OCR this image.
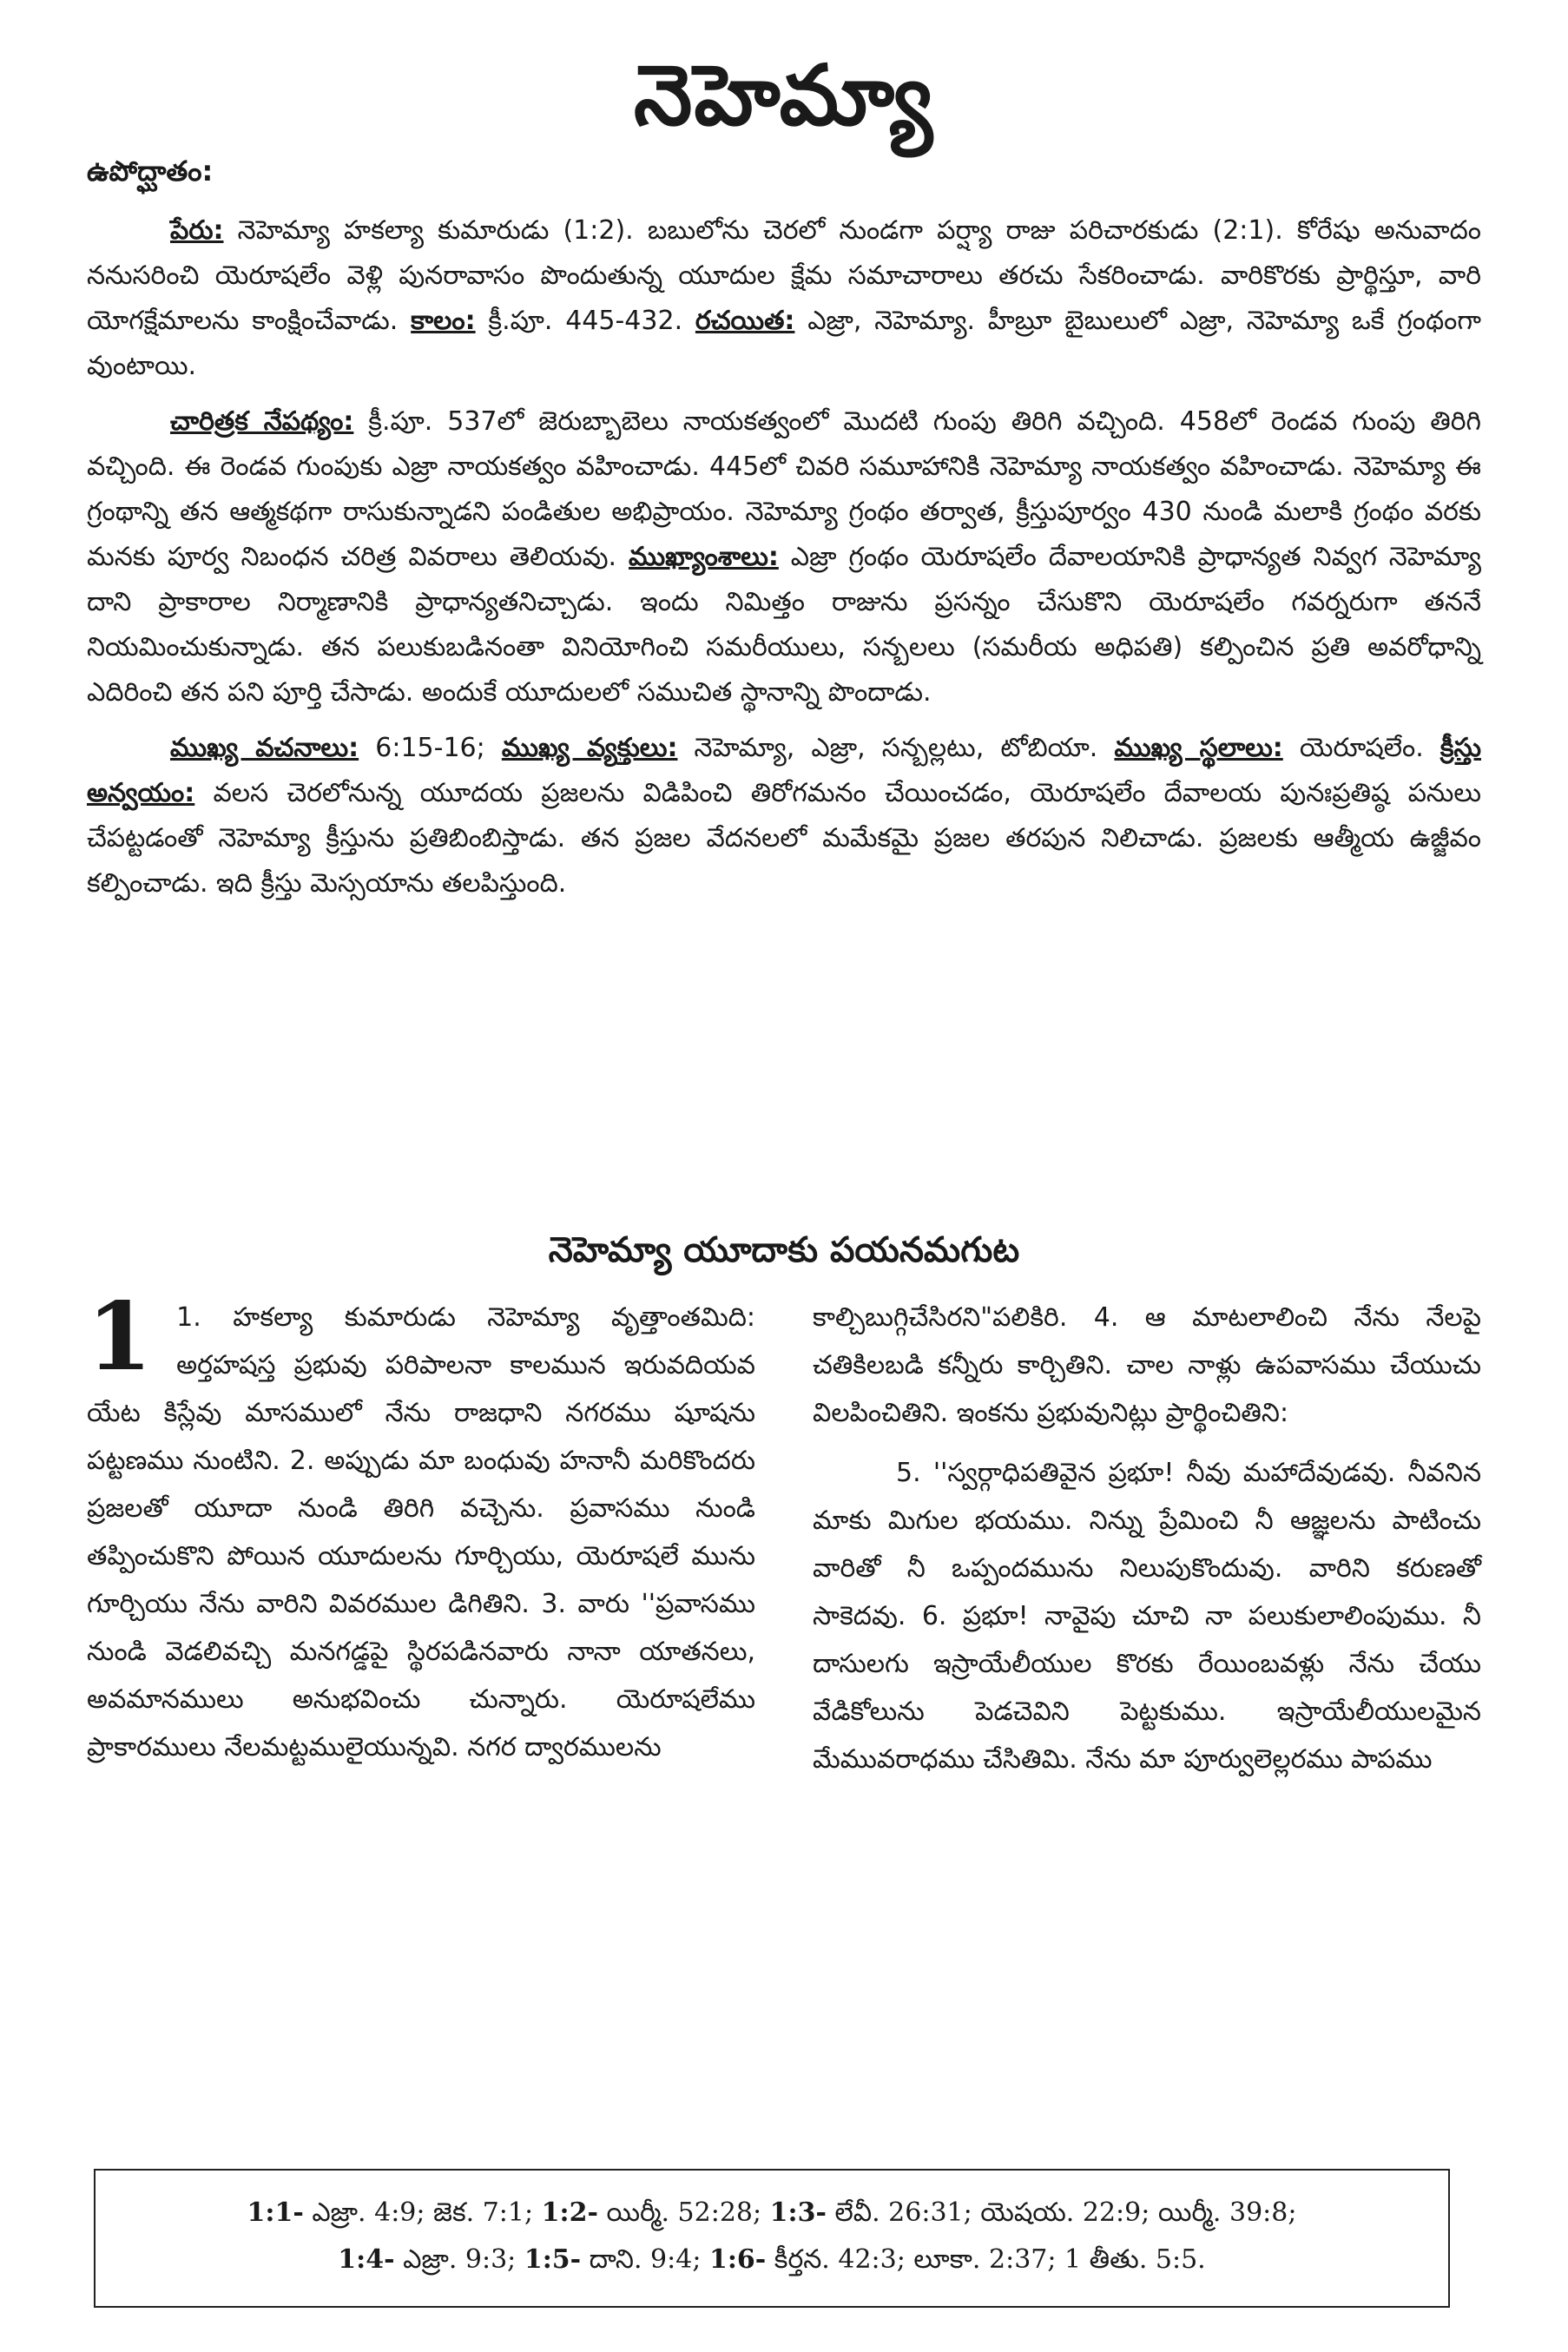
నెహెమ్యా
ఉపోద్ఘాతం:

పేరు: నెహెమ్యా హకల్యా కుమారుడు (1:2). బబులోను చెరలో నుండగా పర్ష్యా రాజు పరిచారకుడు (2:1). కోరేషు అనువాదం ననుసరించి యెరూషలేం వెళ్లి పునరావాసం పొందుతున్న యూదుల క్షేమ సమాచారాలు తరచు సేకరించాడు. వారికొరకు ప్రార్థిస్తూ, వారి యోగక్షేమాలను కాంక్షించేవాడు. కాలం: క్రీ.పూ. 445-432. రచయిత: ఎజ్రా, నెహెమ్యా. హీబ్రూ బైబులులో ఎజ్రా, నెహెమ్యా ఒకే గ్రంథంగా వుంటాయి.

చారిత్రక నేపథ్యం: క్రీ.పూ. 537లో జెరుబ్బాబెలు నాయకత్వంలో మొదటి గుంపు తిరిగి వచ్చింది. 458లో రెండవ గుంపు తిరిగి వచ్చింది. ఈ రెండవ గుంపుకు ఎజ్రా నాయకత్వం వహించాడు. 445లో చివరి సమూహానికి నెహెమ్యా నాయకత్వం వహించాడు. నెహెమ్యా ఈ గ్రంథాన్ని తన ఆత్మకథగా రాసుకున్నాడని పండితుల అభిప్రాయం. నెహెమ్యా గ్రంథం తర్వాత, క్రీస్తుపూర్వం 430 నుండి మలాకి గ్రంథం వరకు మనకు పూర్వ నిబంధన చరిత్ర వివరాలు తెలియవు. ముఖ్యాంశాలు: ఎజ్రా గ్రంథం యెరూషలేం దేవాలయానికి ప్రాధాన్యత నివ్వగ నెహెమ్యా దాని ప్రాకారాల నిర్మాణానికి ప్రాధాన్యతనిచ్చాడు. ఇందు నిమిత్తం రాజును ప్రసన్నం చేసుకొని యెరూషలేం గవర్నరుగా తననే నియమించుకున్నాడు. తన పలుకుబడినంతా వినియోగించి సమరీయులు, సన్బలలు (సమరీయ అధిపతి) కల్పించిన ప్రతి అవరోధాన్ని ఎదిరించి తన పని పూర్తి చేసాడు. అందుకే యూదులలో సముచిత స్థానాన్ని పొందాడు.

ముఖ్య వచనాలు: 6:15-16; ముఖ్య వ్యక్తులు: నెహెమ్యా, ఎజ్రా, సన్బల్లటు, టోబియా. ముఖ్య స్థలాలు: యెరూషలేం. క్రీస్తు అన్వయం: వలస చెరలోనున్న యూదయ ప్రజలను విడిపించి తిరోగమనం చేయించడం, యెరూషలేం దేవాలయ పునఃప్రతిష్ఠ పనులు చేపట్టడంతో నెహెమ్యా క్రీస్తును ప్రతిబింబిస్తాడు. తన ప్రజల వేదనలలో మమేకమై ప్రజల తరపున నిలిచాడు. ప్రజలకు ఆత్మీయ ఉజ్జీవం కల్పించాడు. ఇది క్రీస్తు మెస్సయాను తలపిస్తుంది.

నెహెమ్యా యూదాకు పయనమగుట

1 1. హకల్యా కుమారుడు నెహెమ్యా వృత్తాంతమిది: అర్తహషస్త ప్రభువు పరిపాలనా కాలమున ఇరువదియవ యేట కిస్లేవు మాసములో నేను రాజధాని నగరము షూషను పట్టణము నుంటిని. 2. అప్పుడు మా బంధువు హనానీ మరికొందరు ప్రజలతో యూదా నుండి తిరిగి వచ్చెను. ప్రవాసము నుండి తప్పించుకొని పోయిన యూదులను గూర్చియు, యెరూషలే మును గూర్చియు నేను వారిని వివరముల డిగితిని. 3. వారు ''ప్రవాసము నుండి వెడలివచ్చి మనగడ్డపై స్థిరపడినవారు నానా యాతనలు, అవమానములు అనుభవించు చున్నారు. యెరూషలేము ప్రాకారములు నేలమట్టములైయున్నవి. నగర ద్వారములను

కాల్చిబుగ్గిచేసిరని"పలికిరి. 4. ఆ మాటలాలించి నేను నేలపై చతికిలబడి కన్నీరు కార్చితిని. చాల నాళ్లు ఉపవాసము చేయుచు విలపించితిని. ఇంకను ప్రభువునిట్లు ప్రార్థించితిని:

5. ''స్వర్గాధిపతివైన ప్రభూ! నీవు మహాదేవుడవు. నీవనిన మాకు మిగుల భయము. నిన్ను ప్రేమించి నీ ఆజ్ఞలను పాటించు వారితో నీ ఒప్పందమును నిలుపుకొందువు. వారిని కరుణతో సాకెదవు. 6. ప్రభూ! నావైపు చూచి నా పలుకులాలింపుము. నీ దాసులగు ఇస్రాయేలీయుల కొరకు రేయింబవళ్లు నేను చేయు వేడికోలును పెడచెవిని పెట్టకుము. ఇస్రాయేలీయులమైన మేమువరాధము చేసితిమి. నేను మా పూర్వులెల్లరము పాపము

1:1- ఎజ్రా. 4:9; జెక. 7:1; 1:2- యిర్మీ. 52:28; 1:3- లేవీ. 26:31; యెషయ. 22:9; యిర్మీ. 39:8;
1:4- ఎజ్రా. 9:3; 1:5- దాని. 9:4; 1:6- కీర్తన. 42:3; లూకా. 2:37; 1 తీతు. 5:5.
